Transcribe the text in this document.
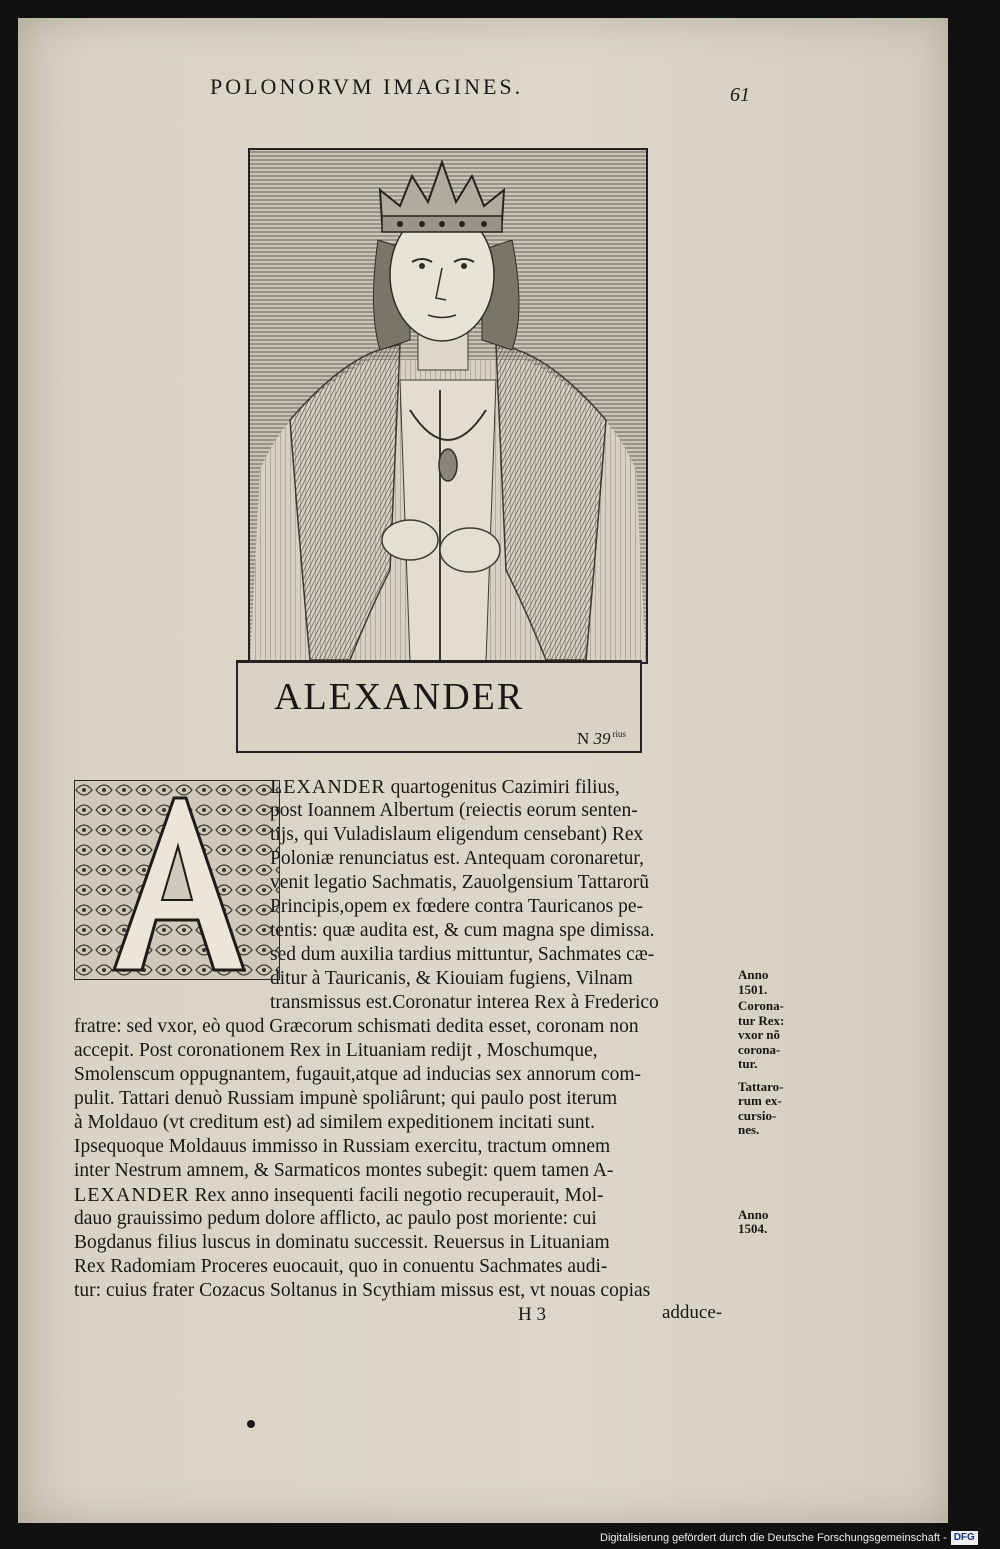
POLONORVM IMAGINES.	61
ALEXANDER
N 39 $^{rius}$
LEXANDER quartogenitus Cazimiri filius,
post Ioannem Albertum (reiectis eorum senten-
tijs, qui Vuladislaum eligendum censebant) Rex
Poloniæ renunciatus est. Antequam coronaretur,
venit legatio Sachmatis, Zauolgensium Tattarorũ
Principis,opem ex fœdere contra Tauricanos pe-
tentis: quæ audita est, & cum magna spe dimissa.
sed dum auxilia tardius mittuntur, Sachmates cæ-
ditur à Tauricanis, & Kiouiam fugiens, Vilnam
transmissus est.Coronatur interea Rex à Frederico
fratre: sed vxor, eò quod Græcorum schismati dedita esset, coronam non
accepit. Post coronationem Rex in Lituaniam redijt , Moschumque,
Smolenscum oppugnantem, fugauit,atque ad inducias sex annorum com-
pulit. Tattari denuò Russiam impunè spoliârunt; qui paulo post iterum
à Moldauo (vt creditum est) ad similem expeditionem incitati sunt.
Ipsequoque Moldauus immisso in Russiam exercitu, tractum omnem
inter Nestrum amnem, & Sarmaticos montes subegit: quem tamen A-
LEXANDER Rex anno insequenti facili negotio recuperauit, Mol-
dauo grauissimo pedum dolore afflicto, ac paulo post moriente: cui
Bogdanus filius luscus in dominatu successit. Reuersus in Lituaniam
Rex Radomiam Proceres euocauit, quo in conuentu Sachmates audi-
tur: cuius frater Cozacus Soltanus in Scythiam missus est, vt nouas copias
Anno
1501.
Corona-
tur Rex:
vxor nõ
corona-
tur.
Tattaro-
rum ex-
cursio-
nes.
Anno
1504.
H 3	adduce-
Digitalisierung gefördert durch die Deutsche Forschungsgemeinschaft - DFG
